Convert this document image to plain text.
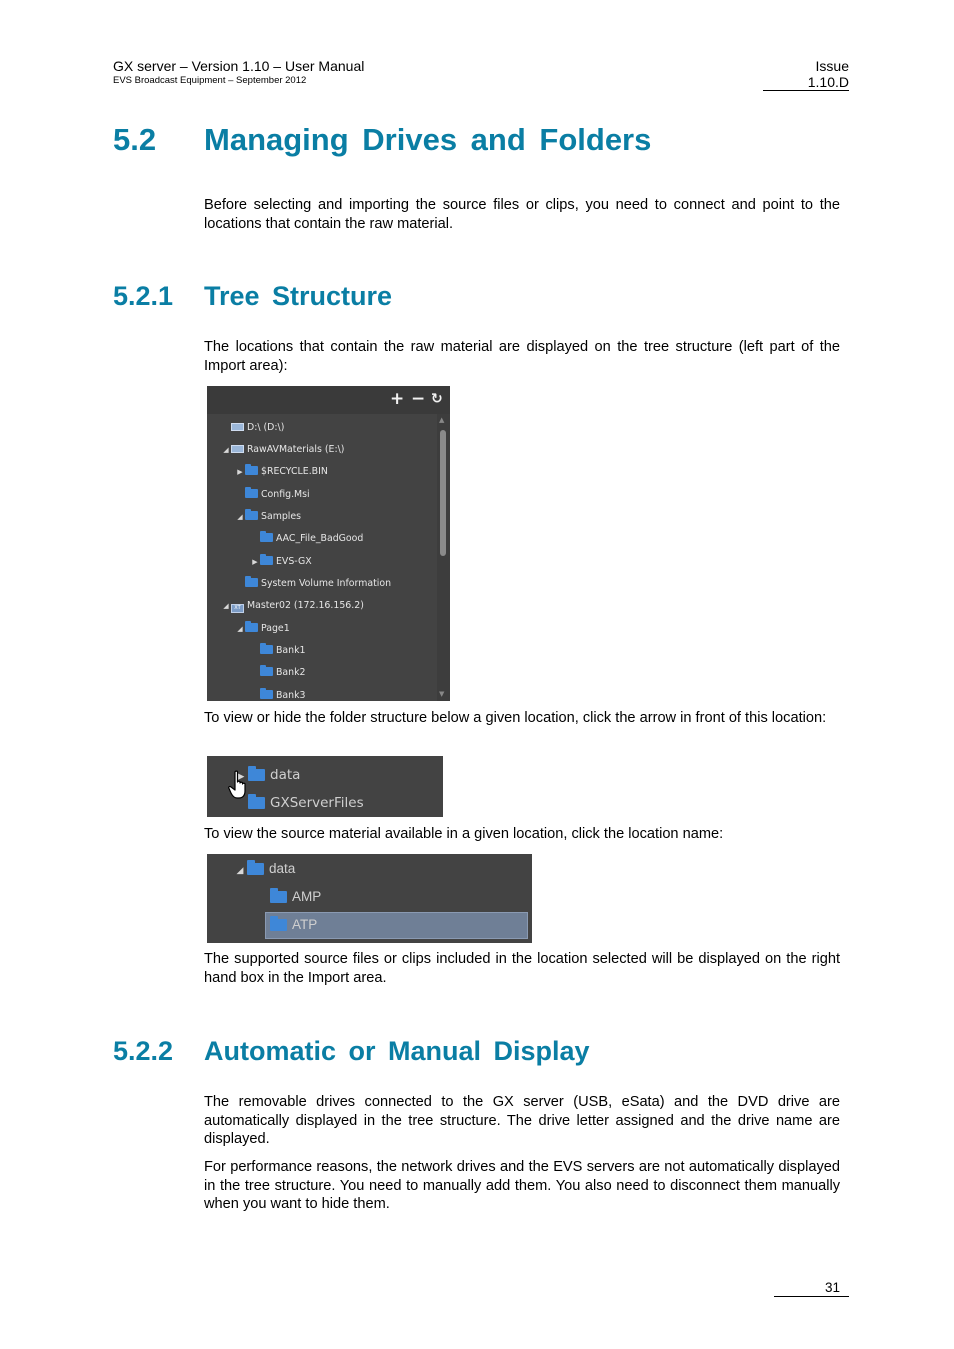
GX server – Version 1.10 – User Manual
EVS Broadcast Equipment – September 2012
Issue
1.10.D
5.2 Managing Drives and Folders

Before selecting and importing the source files or clips, you need to connect and point to the locations that contain the raw material.

5.2.1 Tree Structure

The locations that contain the raw material are displayed on the tree structure (left part of the Import area):

+ − ↻
D:\ (D:\)
◢ RawAVMaterials (E:\)
▶ $RECYCLE.BIN
Config.Msi
◢ Samples
AAC_File_BadGood
▶ EVS-GX
System Volume Information
◢ XT Master02 (172.16.156.2)
◢ Page1
Bank1
Bank2
Bank3
▲
▼

To view or hide the folder structure below a given location, click the arrow in front of this location:

▶ data
GXServerFiles

To view the source material available in a given location, click the location name:

◢ data
AMP
ATP

The supported source files or clips included in the location selected will be displayed on the right hand box in the Import area.

5.2.2 Automatic or Manual Display

The removable drives connected to the GX server (USB, eSata) and the DVD drive are automatically displayed in the tree structure. The drive letter assigned and the drive name are displayed.

For performance reasons, the network drives and the EVS servers are not automatically displayed in the tree structure. You need to manually add them. You also need to disconnect them manually when you want to hide them.

31
